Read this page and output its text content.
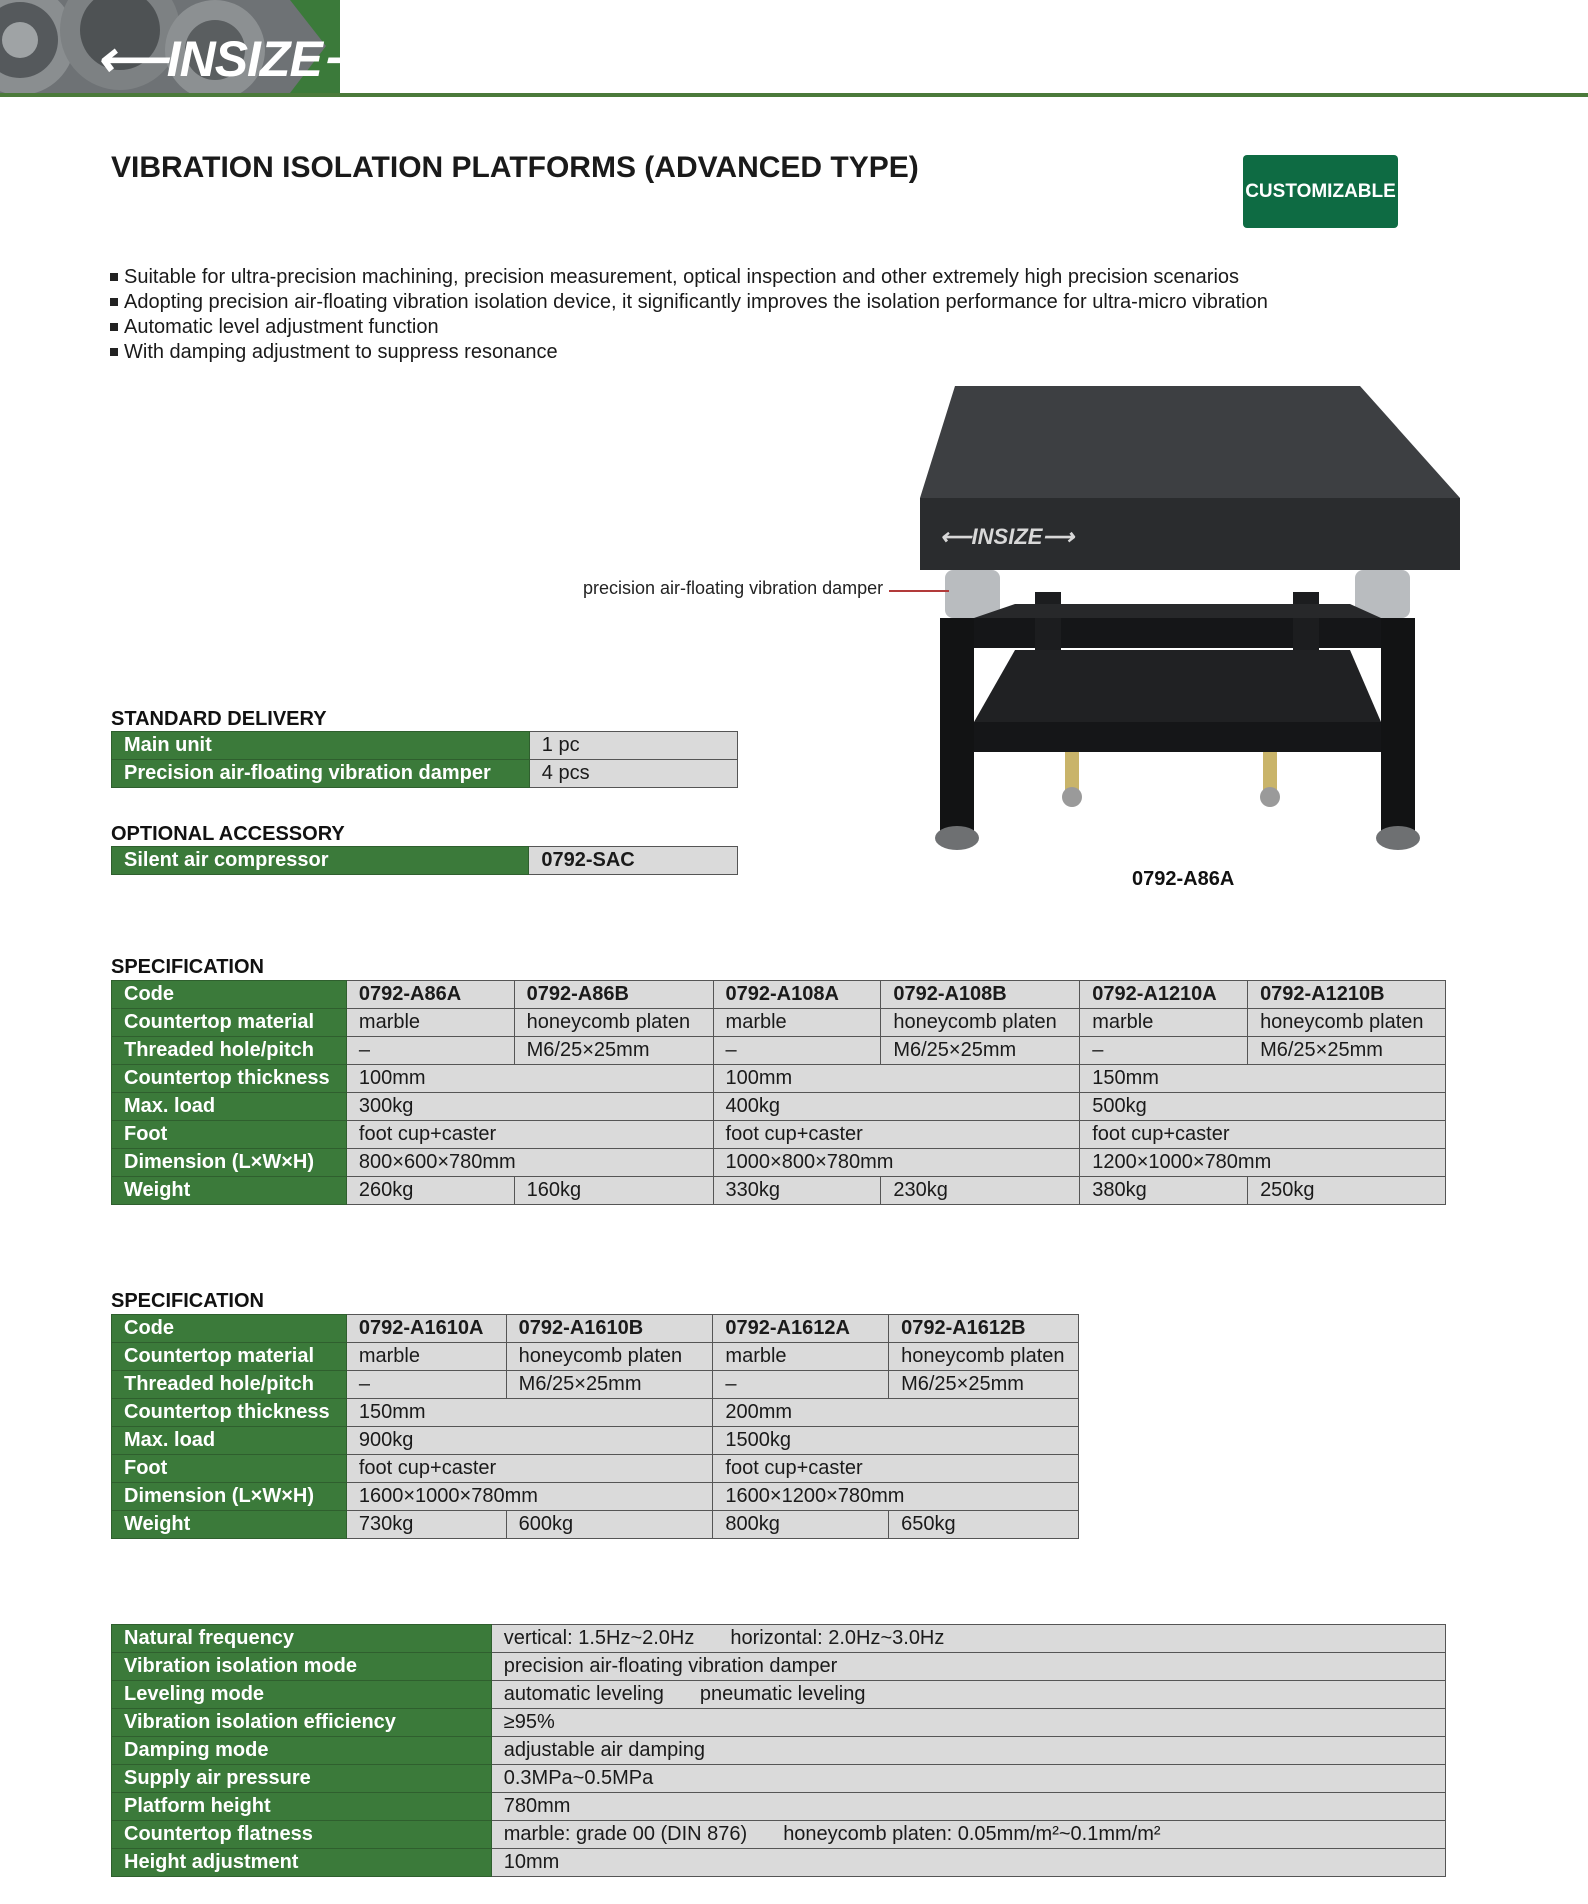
⟵INSIZE⟶
VIBRATION ISOLATION PLATFORMS (ADVANCED TYPE)
CUSTOMIZABLE
Suitable for ultra-precision machining, precision measurement, optical inspection and other extremely high precision scenarios
Adopting precision air-floating vibration isolation device, it significantly improves the isolation performance for ultra-micro vibration
Automatic level adjustment function
With damping adjustment to suppress resonance
⟵INSIZE⟶
precision air-floating vibration damper
0792-A86A
STANDARD DELIVERY
Main unit	1 pc
Precision air-floating vibration damper	4 pcs
OPTIONAL ACCESSORY
Silent air compressor	0792-SAC
SPECIFICATION
Code	0792-A86A	0792-A86B	0792-A108A	0792-A108B	0792-A1210A	0792-A1210B
Countertop material	marble	honeycomb platen	marble	honeycomb platen	marble	honeycomb platen
Threaded hole/pitch	–	M6/25×25mm	–	M6/25×25mm	–	M6/25×25mm
Countertop thickness	100mm		100mm		150mm	
Max. load	300kg		400kg		500kg	
Foot	foot cup+caster		foot cup+caster		foot cup+caster	
Dimension (L×W×H)	800×600×780mm		1000×800×780mm		1200×1000×780mm	
Weight	260kg	160kg	330kg	230kg	380kg	250kg
SPECIFICATION
Code	0792-A1610A	0792-A1610B	0792-A1612A	0792-A1612B
Countertop material	marble	honeycomb platen	marble	honeycomb platen
Threaded hole/pitch	–	M6/25×25mm	–	M6/25×25mm
Countertop thickness	150mm		200mm	
Max. load	900kg		1500kg	
Foot	foot cup+caster		foot cup+caster	
Dimension (L×W×H)	1600×1000×780mm		1600×1200×780mm	
Weight	730kg	600kg	800kg	650kg
Natural frequency	vertical: 1.5Hz~2.0Hz horizontal: 2.0Hz~3.0Hz
Vibration isolation mode	precision air-floating vibration damper
Leveling mode	automatic leveling pneumatic leveling
Vibration isolation efficiency	≥95%
Damping mode	adjustable air damping
Supply air pressure	0.3MPa~0.5MPa
Platform height	780mm
Countertop flatness	marble: grade 00 (DIN 876) honeycomb platen: 0.05mm/m²~0.1mm/m²
Height adjustment	10mm
